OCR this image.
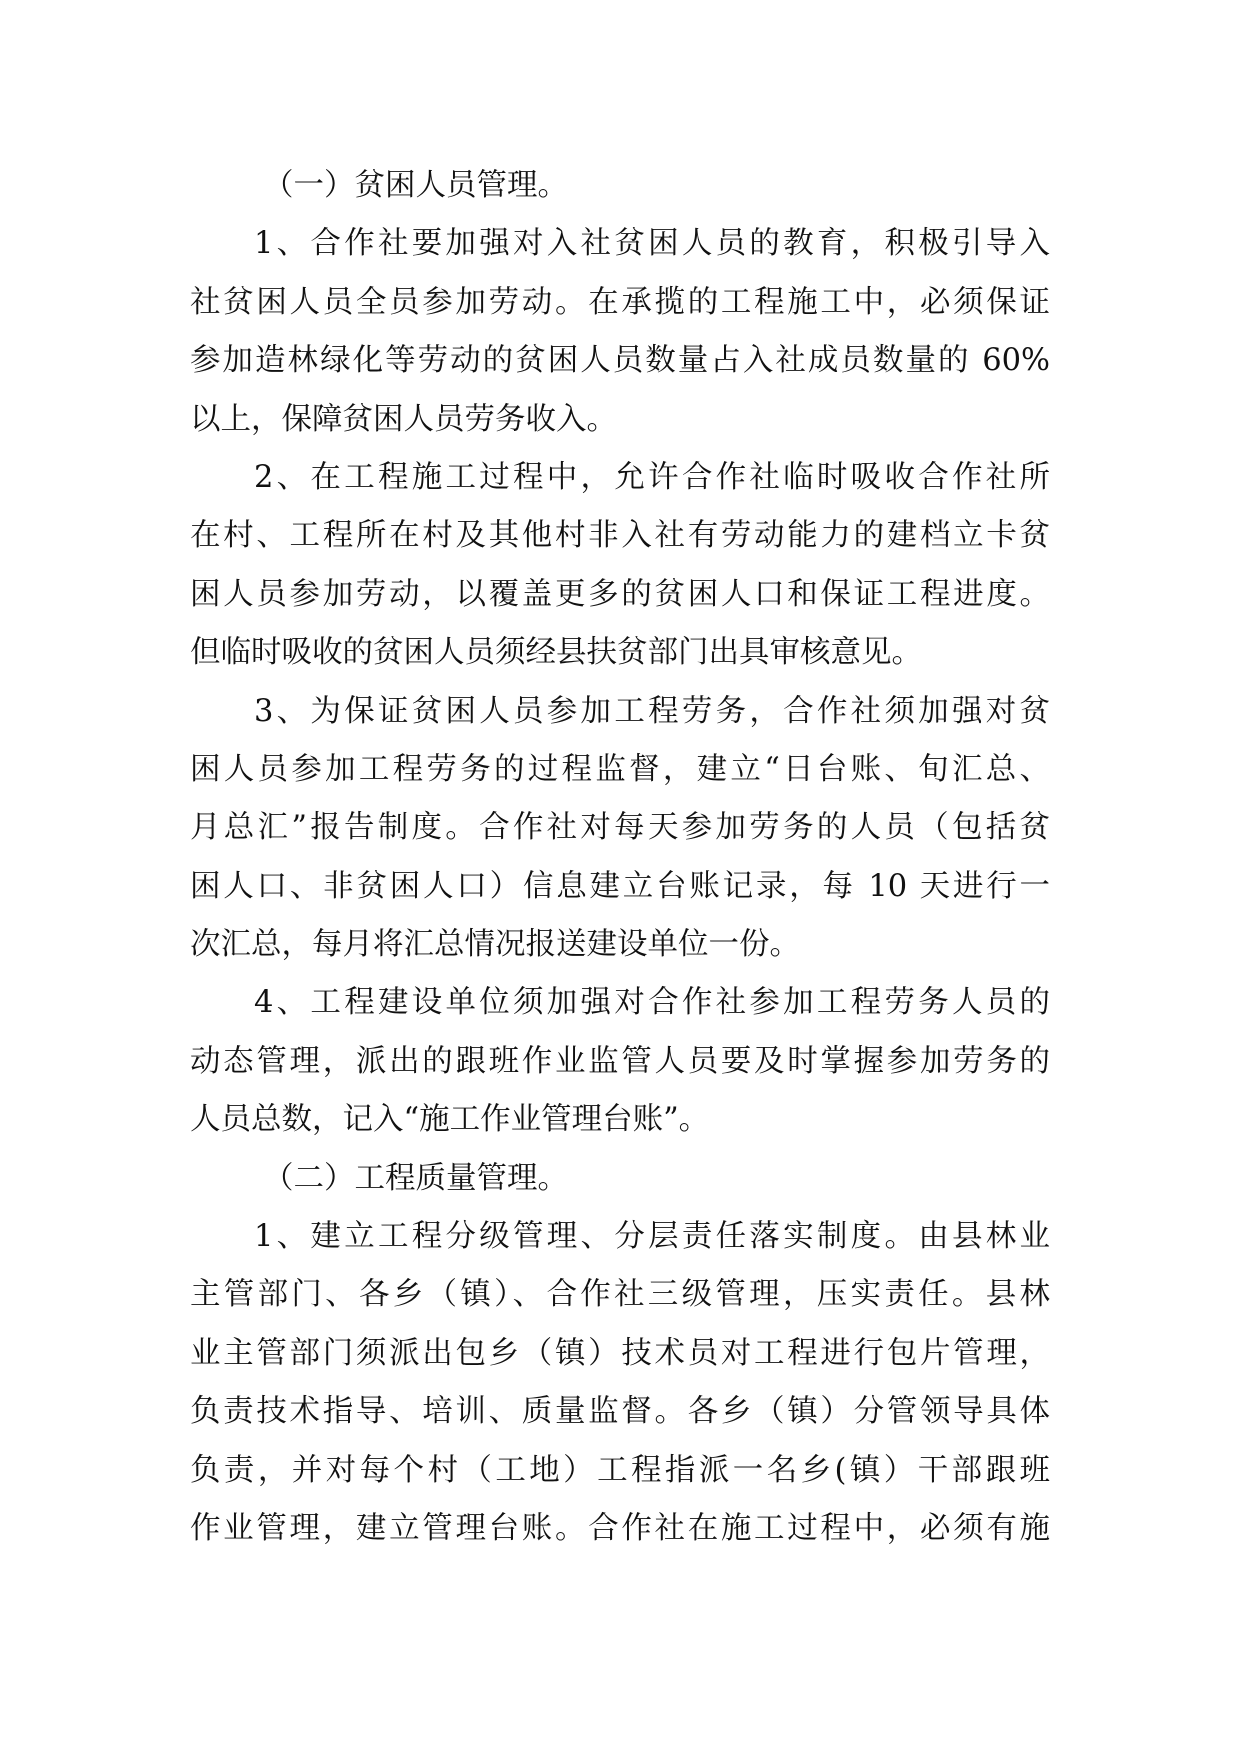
（一）贫困人员管理。
1、合作社要加强对入社贫困人员的教育，积极引导入
社贫困人员全员参加劳动。在承揽的工程施工中，必须保证
参加造林绿化等劳动的贫困人员数量占入社成员数量的 60%
以上，保障贫困人员劳务收入。
2、在工程施工过程中，允许合作社临时吸收合作社所
在村、工程所在村及其他村非入社有劳动能力的建档立卡贫
困人员参加劳动，以覆盖更多的贫困人口和保证工程进度。
但临时吸收的贫困人员须经县扶贫部门出具审核意见。
3、为保证贫困人员参加工程劳务，合作社须加强对贫
困人员参加工程劳务的过程监督，建立“日台账、旬汇总、
月总汇”报告制度。合作社对每天参加劳务的人员（包括贫
困人口、非贫困人口）信息建立台账记录，每 10 天进行一
次汇总，每月将汇总情况报送建设单位一份。
4、工程建设单位须加强对合作社参加工程劳务人员的
动态管理，派出的跟班作业监管人员要及时掌握参加劳务的
人员总数，记入“施工作业管理台账”。
（二）工程质量管理。
1、建立工程分级管理、分层责任落实制度。由县林业
主管部门、各乡（镇）、合作社三级管理，压实责任。县林
业主管部门须派出包乡（镇）技术员对工程进行包片管理，
负责技术指导、培训、质量监督。各乡（镇）分管领导具体
负责，并对每个村（工地）工程指派一名乡(镇）干部跟班
作业管理，建立管理台账。合作社在施工过程中，必须有施
